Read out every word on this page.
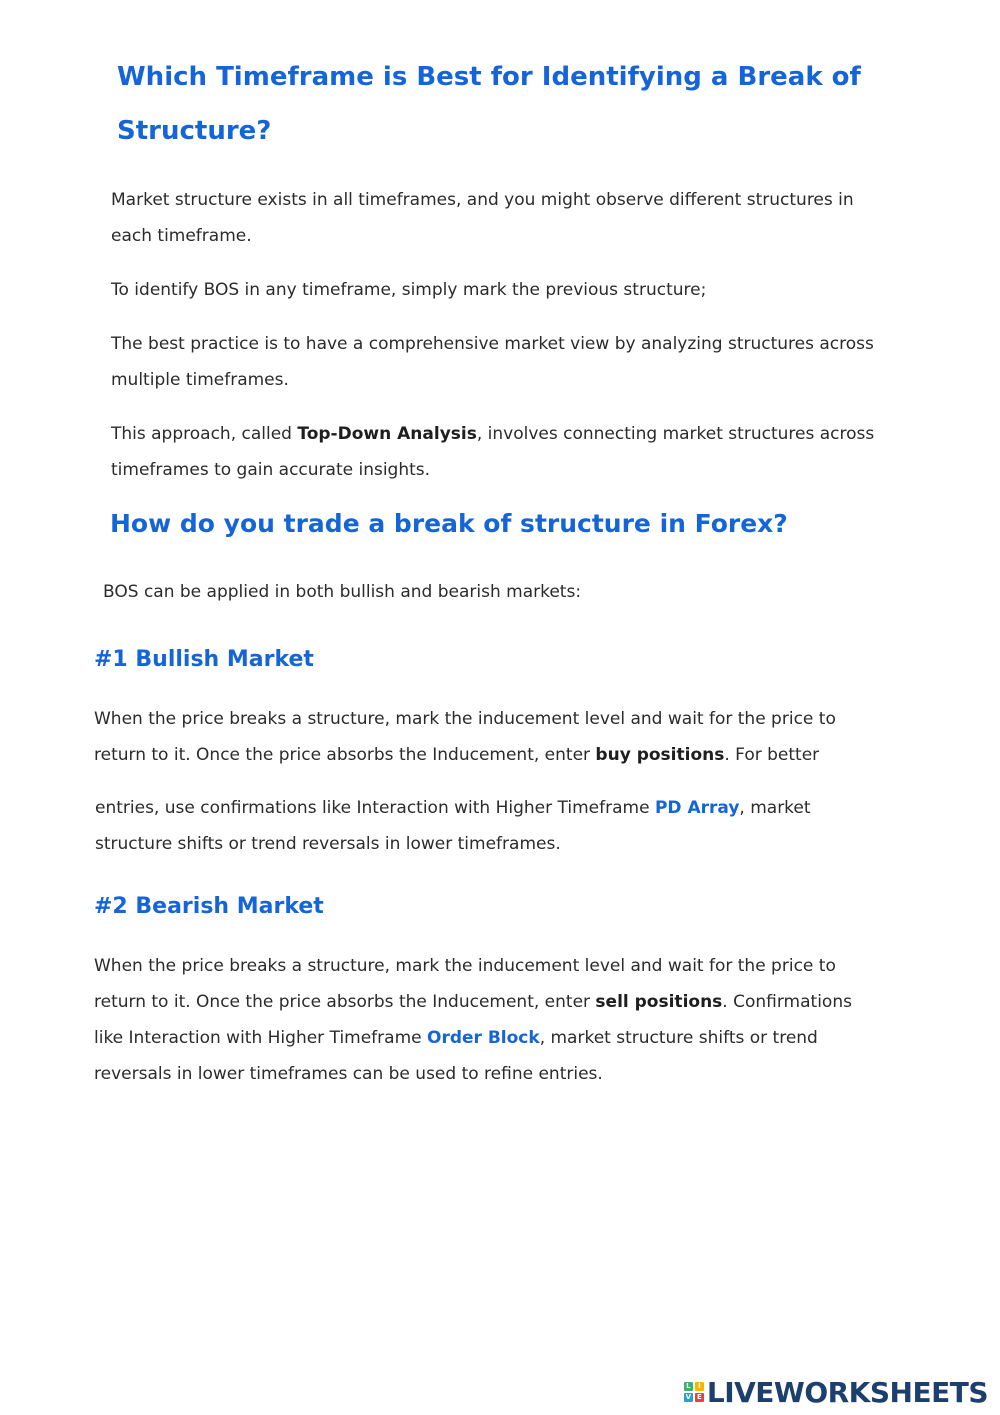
Which Timeframe is Best for Identifying a Break of

Structure?

Market structure exists in all timeframes, and you might observe different structures in

each timeframe.

To identify BOS in any timeframe, simply mark the previous structure;

The best practice is to have a comprehensive market view by analyzing structures across

multiple timeframes.

This approach, called Top-Down Analysis, involves connecting market structures across

timeframes to gain accurate insights.

How do you trade a break of structure in Forex?

BOS can be applied in both bullish and bearish markets:

#1 Bullish Market

When the price breaks a structure, mark the inducement level and wait for the price to

return to it. Once the price absorbs the Inducement, enter buy positions. For better

entries, use confirmations like Interaction with Higher Timeframe PD Array, market

structure shifts or trend reversals in lower timeframes.

#2 Bearish Market

When the price breaks a structure, mark the inducement level and wait for the price to

return to it. Once the price absorbs the Inducement, enter sell positions. Confirmations

like Interaction with Higher Timeframe Order Block, market structure shifts or trend

reversals in lower timeframes can be used to refine entries.

L	I
V E LIVEWORKSHEETS
